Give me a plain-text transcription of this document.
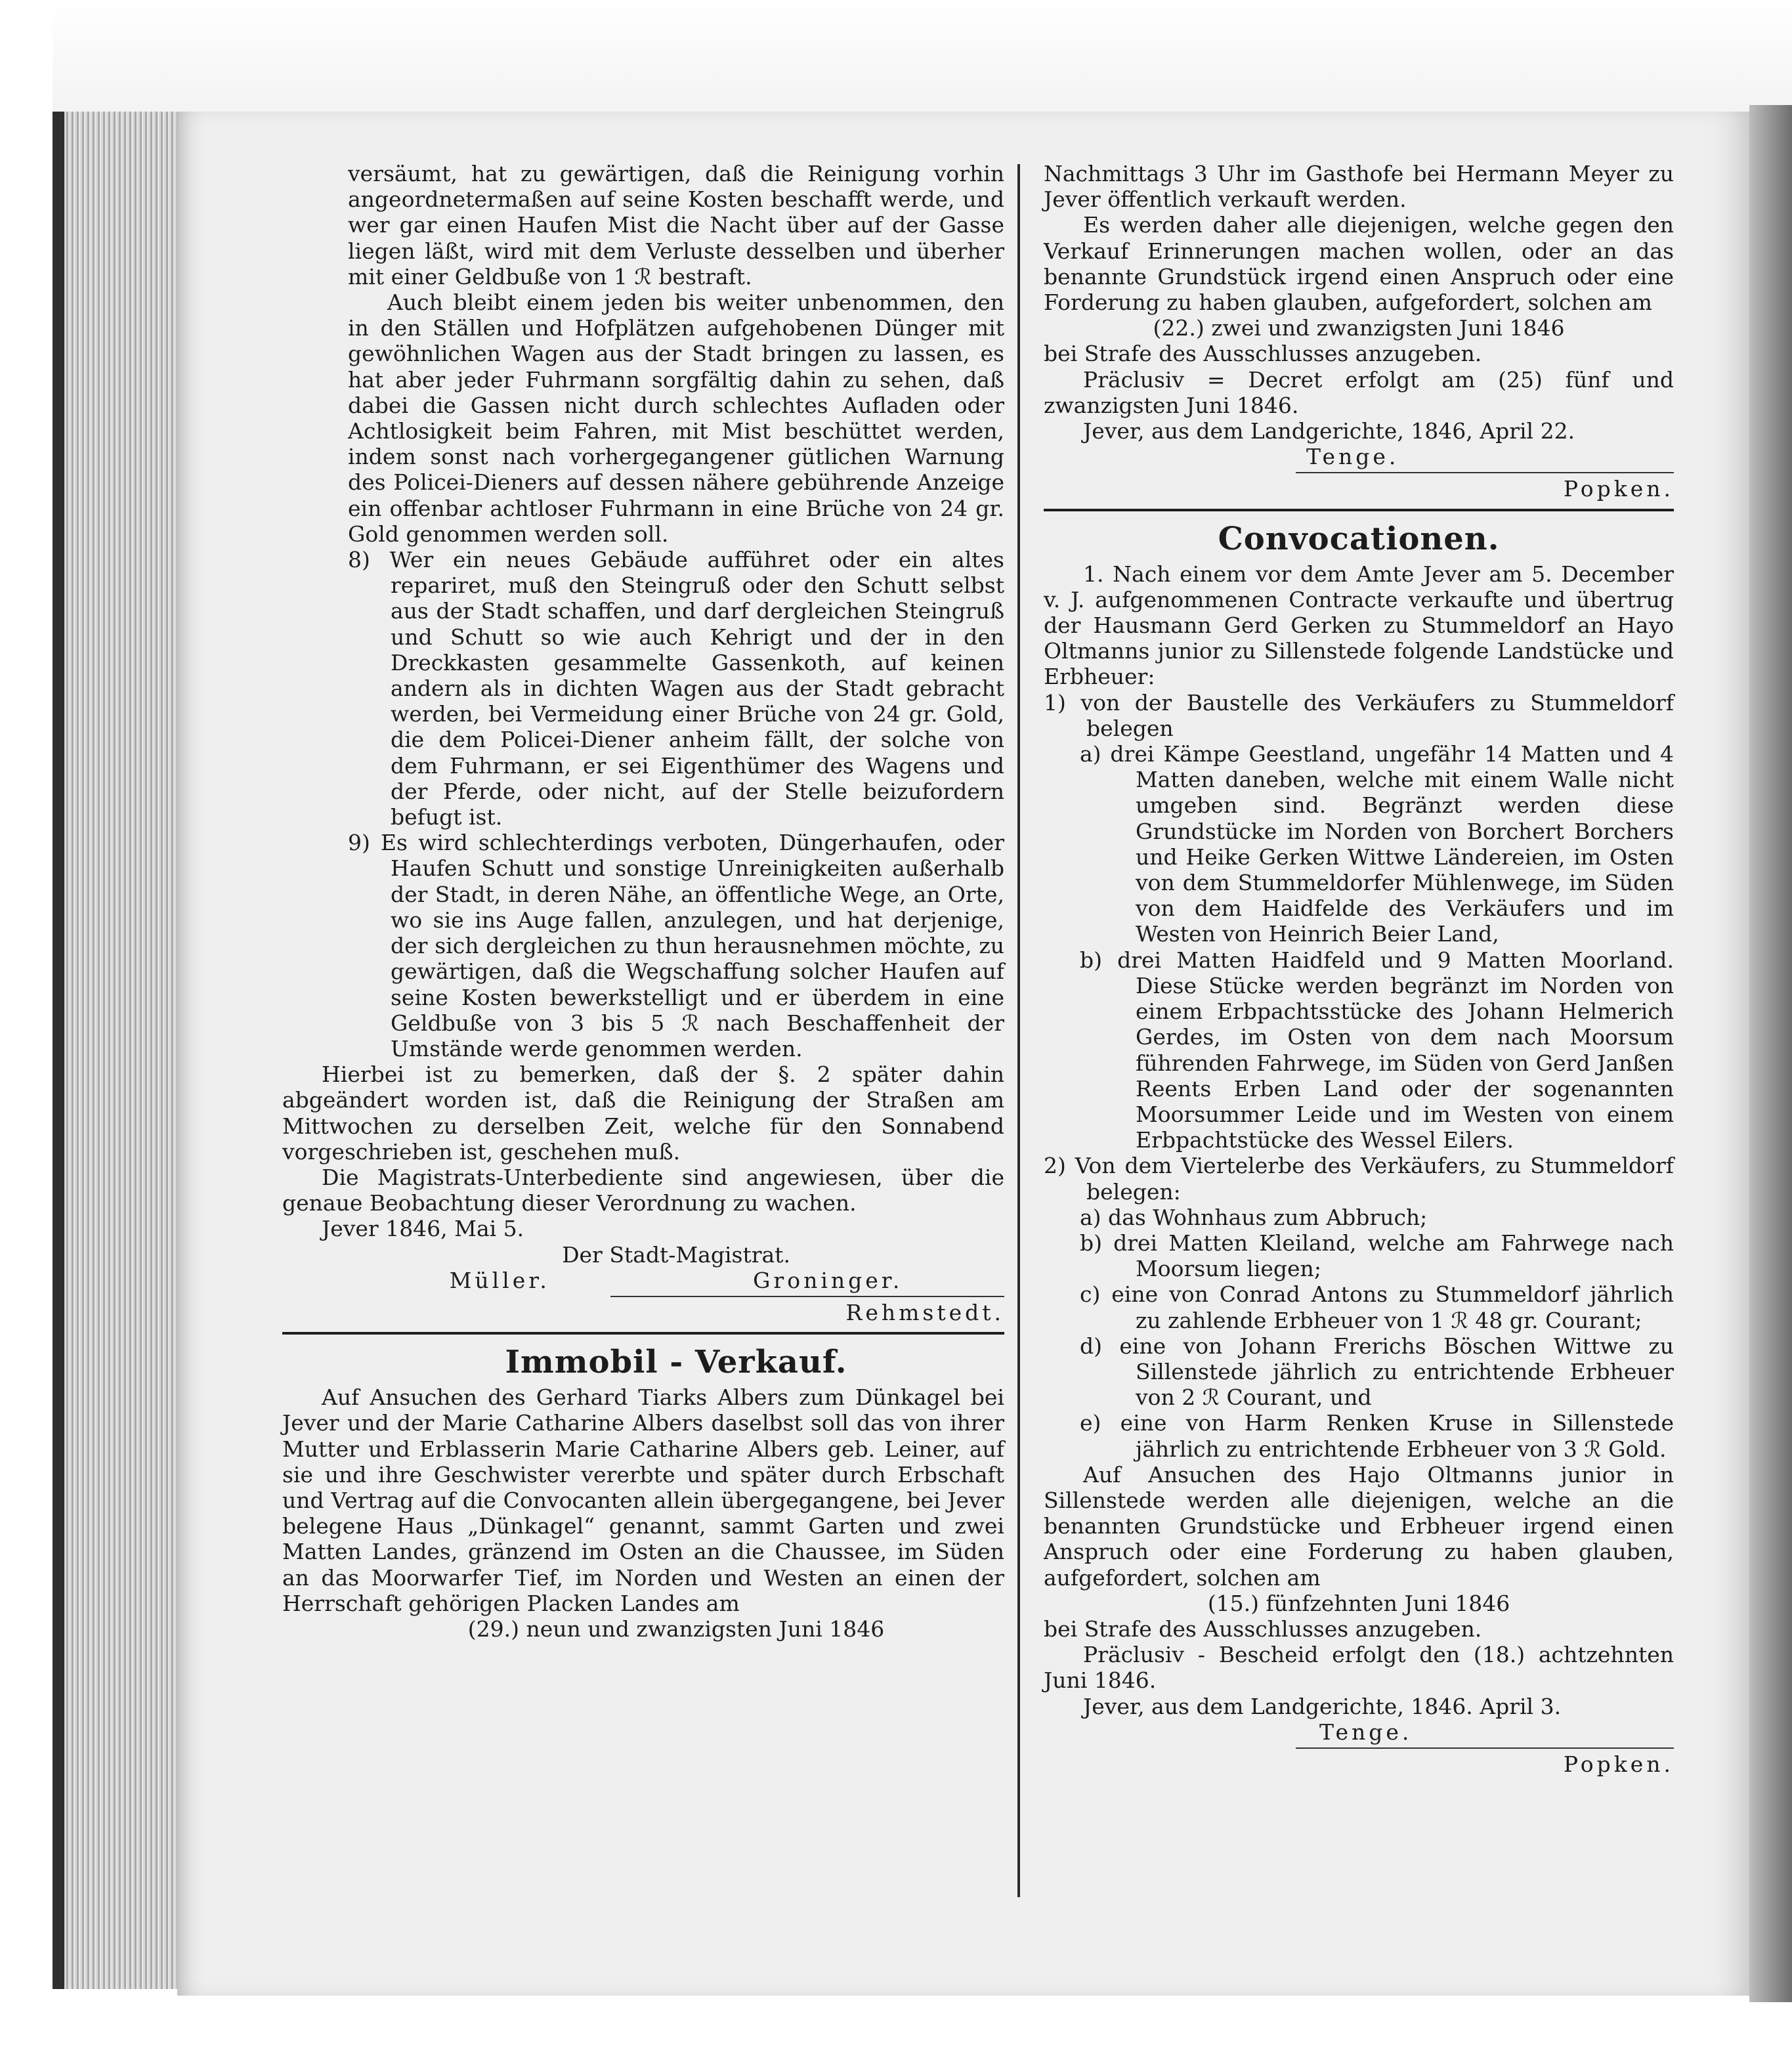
versäumt, hat zu gewärtigen, daß die Reinigung vorhin angeordnetermaßen auf seine Kosten beschafft werde, und wer gar einen Haufen Mist die Nacht über auf der Gasse liegen läßt, wird mit dem Verluste desselben und überher mit einer Geldbuße von 1 ℛ bestraft.

Auch bleibt einem jeden bis weiter unbenommen, den in den Ställen und Hofplätzen aufgehobenen Dünger mit gewöhnlichen Wagen aus der Stadt bringen zu lassen, es hat aber jeder Fuhrmann sorgfältig dahin zu sehen, daß dabei die Gassen nicht durch schlechtes Aufladen oder Achtlosigkeit beim Fahren, mit Mist beschüttet werden, indem sonst nach vorhergegangener gütlichen Warnung des Policei-Dieners auf dessen nähere gebührende Anzeige ein offenbar achtloser Fuhrmann in eine Brüche von 24 gr. Gold genommen werden soll.

8) Wer ein neues Gebäude aufführet oder ein altes repariret, muß den Steingruß oder den Schutt selbst aus der Stadt schaffen, und darf dergleichen Steingruß und Schutt so wie auch Kehrigt und der in den Dreckkasten gesammelte Gassenkoth, auf keinen andern als in dichten Wagen aus der Stadt gebracht werden, bei Vermeidung einer Brüche von 24 gr. Gold, die dem Policei-Diener anheim fällt, der solche von dem Fuhrmann, er sei Eigenthümer des Wagens und der Pferde, oder nicht, auf der Stelle beizufordern befugt ist.

9) Es wird schlechterdings verboten, Düngerhaufen, oder Haufen Schutt und sonstige Unreinigkeiten außerhalb der Stadt, in deren Nähe, an öffentliche Wege, an Orte, wo sie ins Auge fallen, anzulegen, und hat derjenige, der sich dergleichen zu thun herausnehmen möchte, zu gewärtigen, daß die Wegschaffung solcher Haufen auf seine Kosten bewerkstelligt und er überdem in eine Geldbuße von 3 bis 5 ℛ nach Beschaffenheit der Umstände werde genommen werden.

Hierbei ist zu bemerken, daß der §. 2 später dahin abgeändert worden ist, daß die Reinigung der Straßen am Mittwochen zu derselben Zeit, welche für den Sonnabend vorgeschrieben ist, geschehen muß.

Die Magistrats-Unterbediente sind angewiesen, über die genaue Beobachtung dieser Verordnung zu wachen.

Jever 1846, Mai 5.

Der Stadt-Magistrat.

Müller.	Groninger.

Rehmstedt.

Immobil - Verkauf.

Auf Ansuchen des Gerhard Tiarks Albers zum Dünkagel bei Jever und der Marie Catharine Albers daselbst soll das von ihrer Mutter und Erblasserin Marie Catharine Albers geb. Leiner, auf sie und ihre Geschwister vererbte und später durch Erbschaft und Vertrag auf die Convocanten allein übergegangene, bei Jever belegene Haus „Dünkagel“ genannt, sammt Garten und zwei Matten Landes, gränzend im Osten an die Chaussee, im Süden an das Moorwarfer Tief, im Norden und Westen an einen der Herrschaft gehörigen Placken Landes am

(29.) neun und zwanzigsten Juni 1846

Nachmittags 3 Uhr im Gasthofe bei Hermann Meyer zu Jever öffentlich verkauft werden.

Es werden daher alle diejenigen, welche gegen den Verkauf Erinnerungen machen wollen, oder an das benannte Grundstück irgend einen Anspruch oder eine Forderung zu haben glauben, aufgefordert, solchen am

(22.) zwei und zwanzigsten Juni 1846

bei Strafe des Ausschlusses anzugeben.

Präclusiv = Decret erfolgt am (25) fünf und zwanzigsten Juni 1846.

Jever, aus dem Landgerichte, 1846, April 22.

Tenge.

Popken.

Convocationen.

1. Nach einem vor dem Amte Jever am 5. December v. J. aufgenommenen Contracte verkaufte und übertrug der Hausmann Gerd Gerken zu Stummeldorf an Hayo Oltmanns junior zu Sillenstede folgende Landstücke und Erbheuer:

1) von der Baustelle des Verkäufers zu Stummeldorf belegen

a) drei Kämpe Geestland, ungefähr 14 Matten und 4 Matten daneben, welche mit einem Walle nicht umgeben sind. Begränzt werden diese Grundstücke im Norden von Borchert Borchers und Heike Gerken Wittwe Ländereien, im Osten von dem Stummeldorfer Mühlenwege, im Süden von dem Haidfelde des Verkäufers und im Westen von Heinrich Beier Land,

b) drei Matten Haidfeld und 9 Matten Moorland. Diese Stücke werden begränzt im Norden von einem Erbpachtsstücke des Johann Helmerich Gerdes, im Osten von dem nach Moorsum führenden Fahrwege, im Süden von Gerd Janßen Reents Erben Land oder der sogenannten Moorsummer Leide und im Westen von einem Erbpachtstücke des Wessel Eilers.

2) Von dem Viertelerbe des Verkäufers, zu Stummeldorf belegen:

a) das Wohnhaus zum Abbruch;

b) drei Matten Kleiland, welche am Fahrwege nach Moorsum liegen;

c) eine von Conrad Antons zu Stummeldorf jährlich zu zahlende Erbheuer von 1 ℛ 48 gr. Courant;

d) eine von Johann Frerichs Böschen Wittwe zu Sillenstede jährlich zu entrichtende Erbheuer von 2 ℛ Courant, und

e) eine von Harm Renken Kruse in Sillenstede jährlich zu entrichtende Erbheuer von 3 ℛ Gold.

Auf Ansuchen des Hajo Oltmanns junior in Sillenstede werden alle diejenigen, welche an die benannten Grundstücke und Erbheuer irgend einen Anspruch oder eine Forderung zu haben glauben, aufgefordert, solchen am

(15.) fünfzehnten Juni 1846

bei Strafe des Ausschlusses anzugeben.

Präclusiv - Bescheid erfolgt den (18.) achtzehnten Juni 1846.

Jever, aus dem Landgerichte, 1846. April 3.

Tenge.

Popken.
